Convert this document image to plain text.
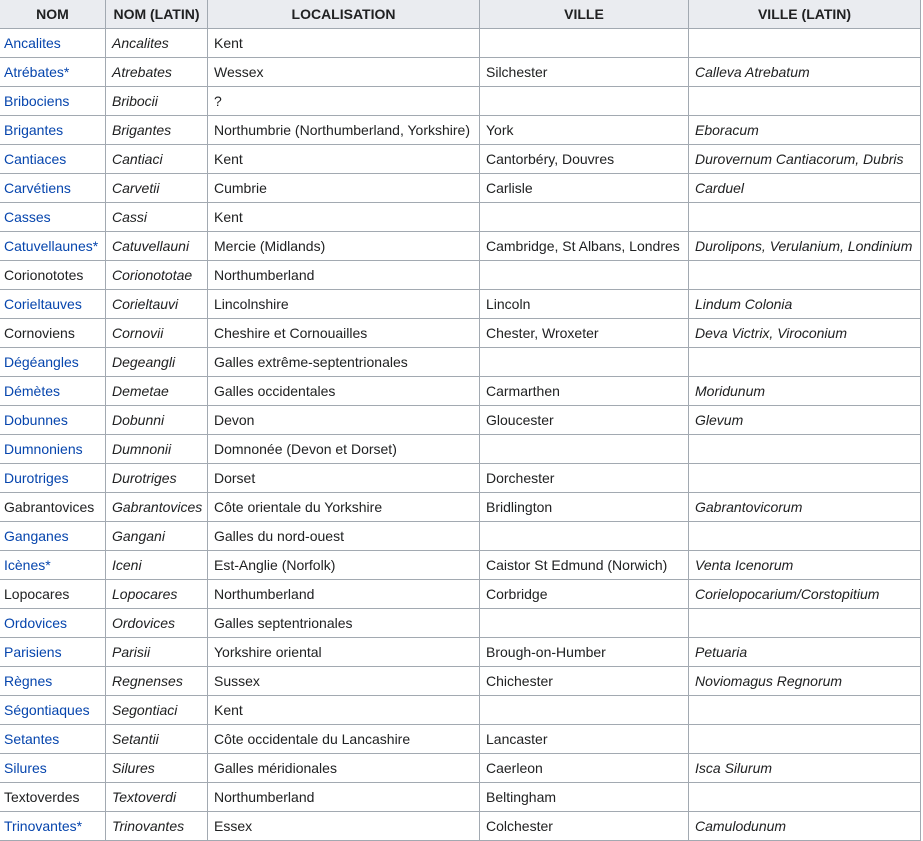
NOM	NOM (LATIN)	LOCALISATION	VILLE	VILLE (LATIN)
Ancalites	Ancalites	Kent		
Atrébates*	Atrebates	Wessex	Silchester	Calleva Atrebatum
Bribociens	Bribocii	?		
Brigantes	Brigantes	Northumbrie (Northumberland, Yorkshire)	York	Eboracum
Cantiaces	Cantiaci	Kent	Cantorbéry, Douvres	Durovernum Cantiacorum, Dubris
Carvétiens	Carvetii	Cumbrie	Carlisle	Carduel
Casses	Cassi	Kent		
Catuvellaunes*	Catuvellauni	Mercie (Midlands)	Cambridge, St Albans, Londres	Durolipons, Verulanium, Londinium
Corionototes	Corionototae	Northumberland		
Corieltauves	Corieltauvi	Lincolnshire	Lincoln	Lindum Colonia
Cornoviens	Cornovii	Cheshire et Cornouailles	Chester, Wroxeter	Deva Victrix, Viroconium
Dégéangles	Degeangli	Galles extrême-septentrionales		
Démètes	Demetae	Galles occidentales	Carmarthen	Moridunum
Dobunnes	Dobunni	Devon	Gloucester	Glevum
Dumnoniens	Dumnonii	Domnonée (Devon et Dorset)		
Durotriges	Durotriges	Dorset	Dorchester	
Gabrantovices	Gabrantovices	Côte orientale du Yorkshire	Bridlington	Gabrantovicorum
Ganganes	Gangani	Galles du nord-ouest		
Icènes*	Iceni	Est-Anglie (Norfolk)	Caistor St Edmund (Norwich)	Venta Icenorum
Lopocares	Lopocares	Northumberland	Corbridge	Corielopocarium/Corstopitium
Ordovices	Ordovices	Galles septentrionales		
Parisiens	Parisii	Yorkshire oriental	Brough-on-Humber	Petuaria
Règnes	Regnenses	Sussex	Chichester	Noviomagus Regnorum
Ségontiaques	Segontiaci	Kent		
Setantes	Setantii	Côte occidentale du Lancashire	Lancaster	
Silures	Silures	Galles méridionales	Caerleon	Isca Silurum
Textoverdes	Textoverdi	Northumberland	Beltingham	
Trinovantes*	Trinovantes	Essex	Colchester	Camulodunum
